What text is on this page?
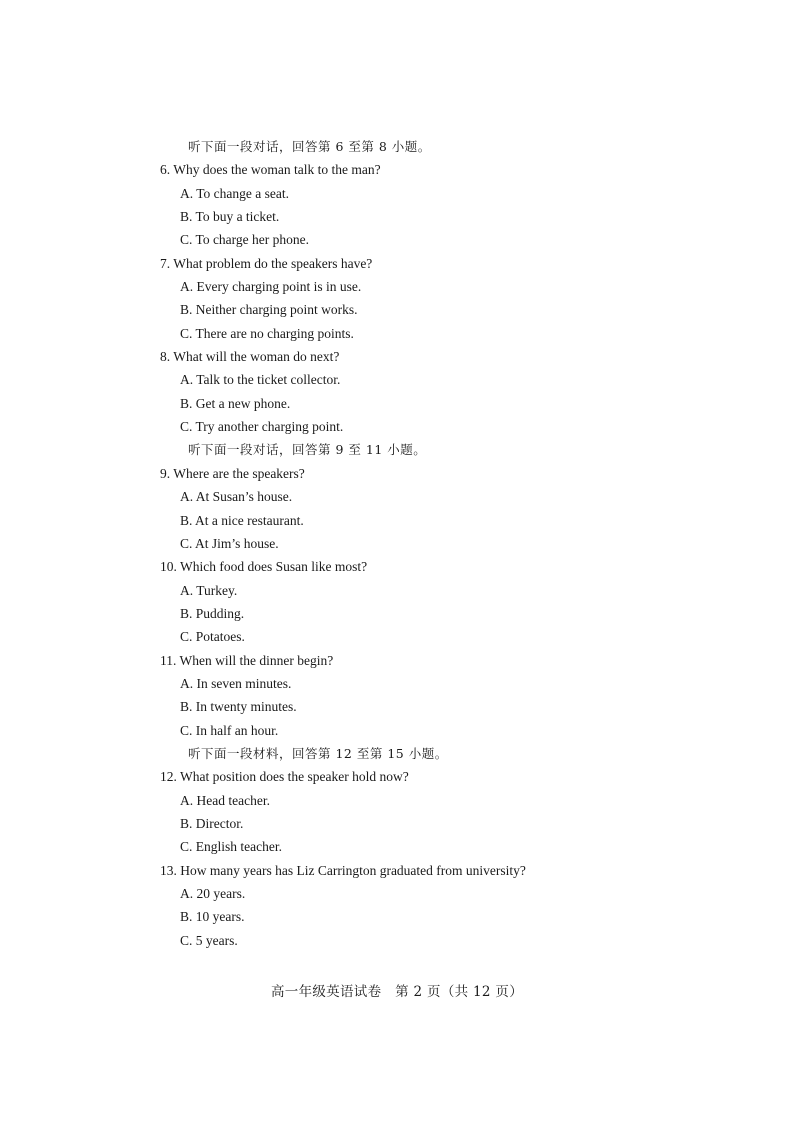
听下面一段对话，回答第 6 至第 8 小题。
6. Why does the woman talk to the man?
A. To change a seat.
B. To buy a ticket.
C. To charge her phone.
7. What problem do the speakers have?
A. Every charging point is in use.
B. Neither charging point works.
C. There are no charging points.
8. What will the woman do next?
A. Talk to the ticket collector.
B. Get a new phone.
C. Try another charging point.
听下面一段对话，回答第 9 至 11 小题。
9. Where are the speakers?
A. At Susan’s house.
B. At a nice restaurant.
C. At Jim’s house.
10. Which food does Susan like most?
A. Turkey.
B. Pudding.
C. Potatoes.
11. When will the dinner begin?
A. In seven minutes.
B. In twenty minutes.
C. In half an hour.
听下面一段材料，回答第 12 至第 15 小题。
12. What position does the speaker hold now?
A. Head teacher.
B. Director.
C. English teacher.
13. How many years has Liz Carrington graduated from university?
A. 20 years.
B. 10 years.
C. 5 years.
高一年级英语试卷　第 2 页（共 12 页）
